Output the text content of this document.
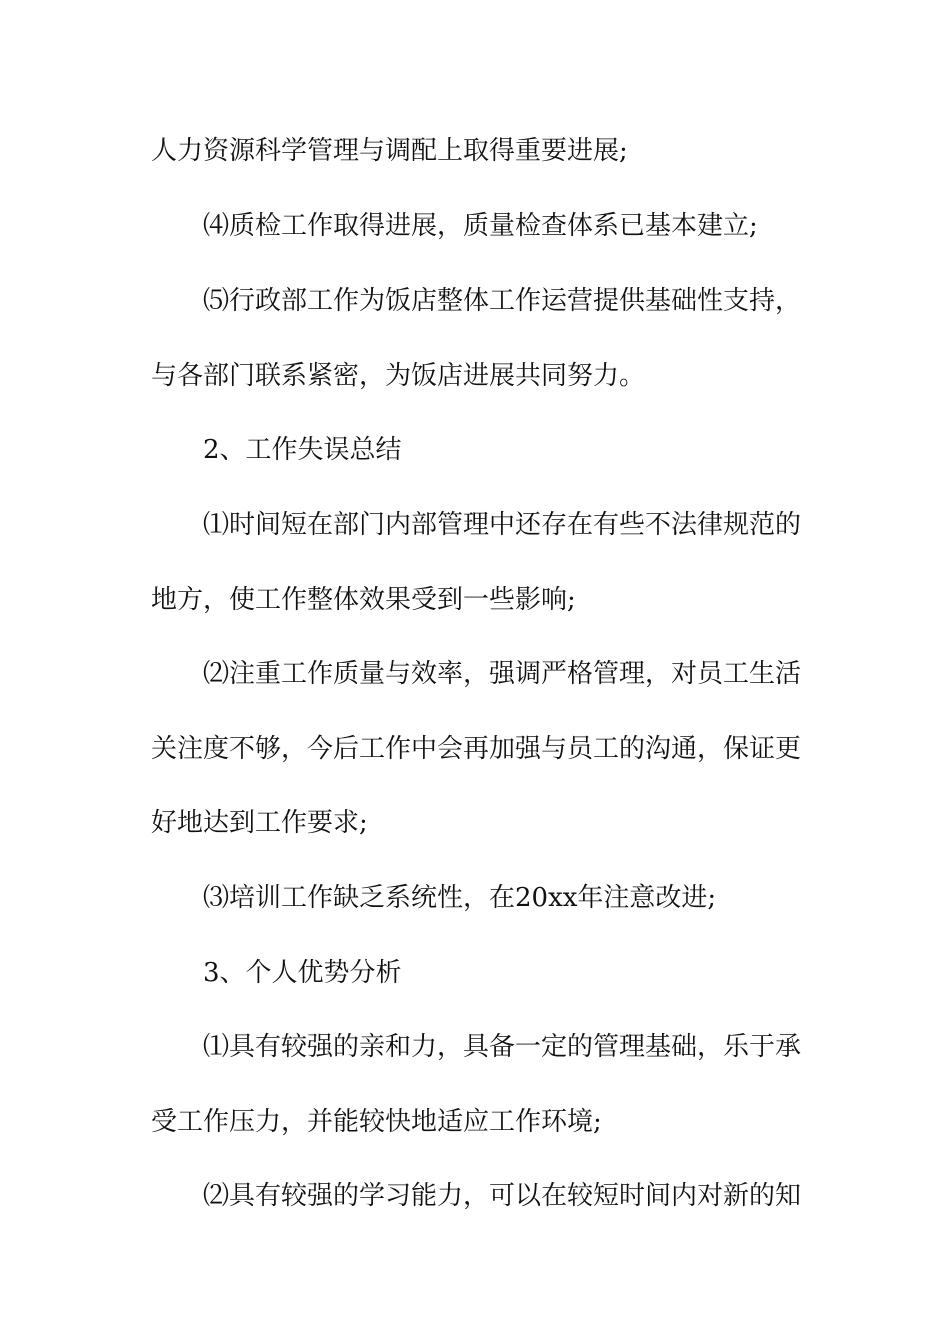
人力资源科学管理与调配上取得重要进展;
⑷质检工作取得进展，质量检查体系已基本建立;
⑸行政部工作为饭店整体工作运营提供基础性支持，
与各部门联系紧密，为饭店进展共同努力。
2、工作失误总结
⑴时间短在部门内部管理中还存在有些不法律规范的
地方，使工作整体效果受到一些影响;
⑵注重工作质量与效率，强调严格管理，对员工生活
关注度不够，今后工作中会再加强与员工的沟通，保证更
好地达到工作要求;
⑶培训工作缺乏系统性，在20xx年注意改进;
3、个人优势分析
⑴具有较强的亲和力，具备一定的管理基础，乐于承
受工作压力，并能较快地适应工作环境;
⑵具有较强的学习能力，可以在较短时间内对新的知
